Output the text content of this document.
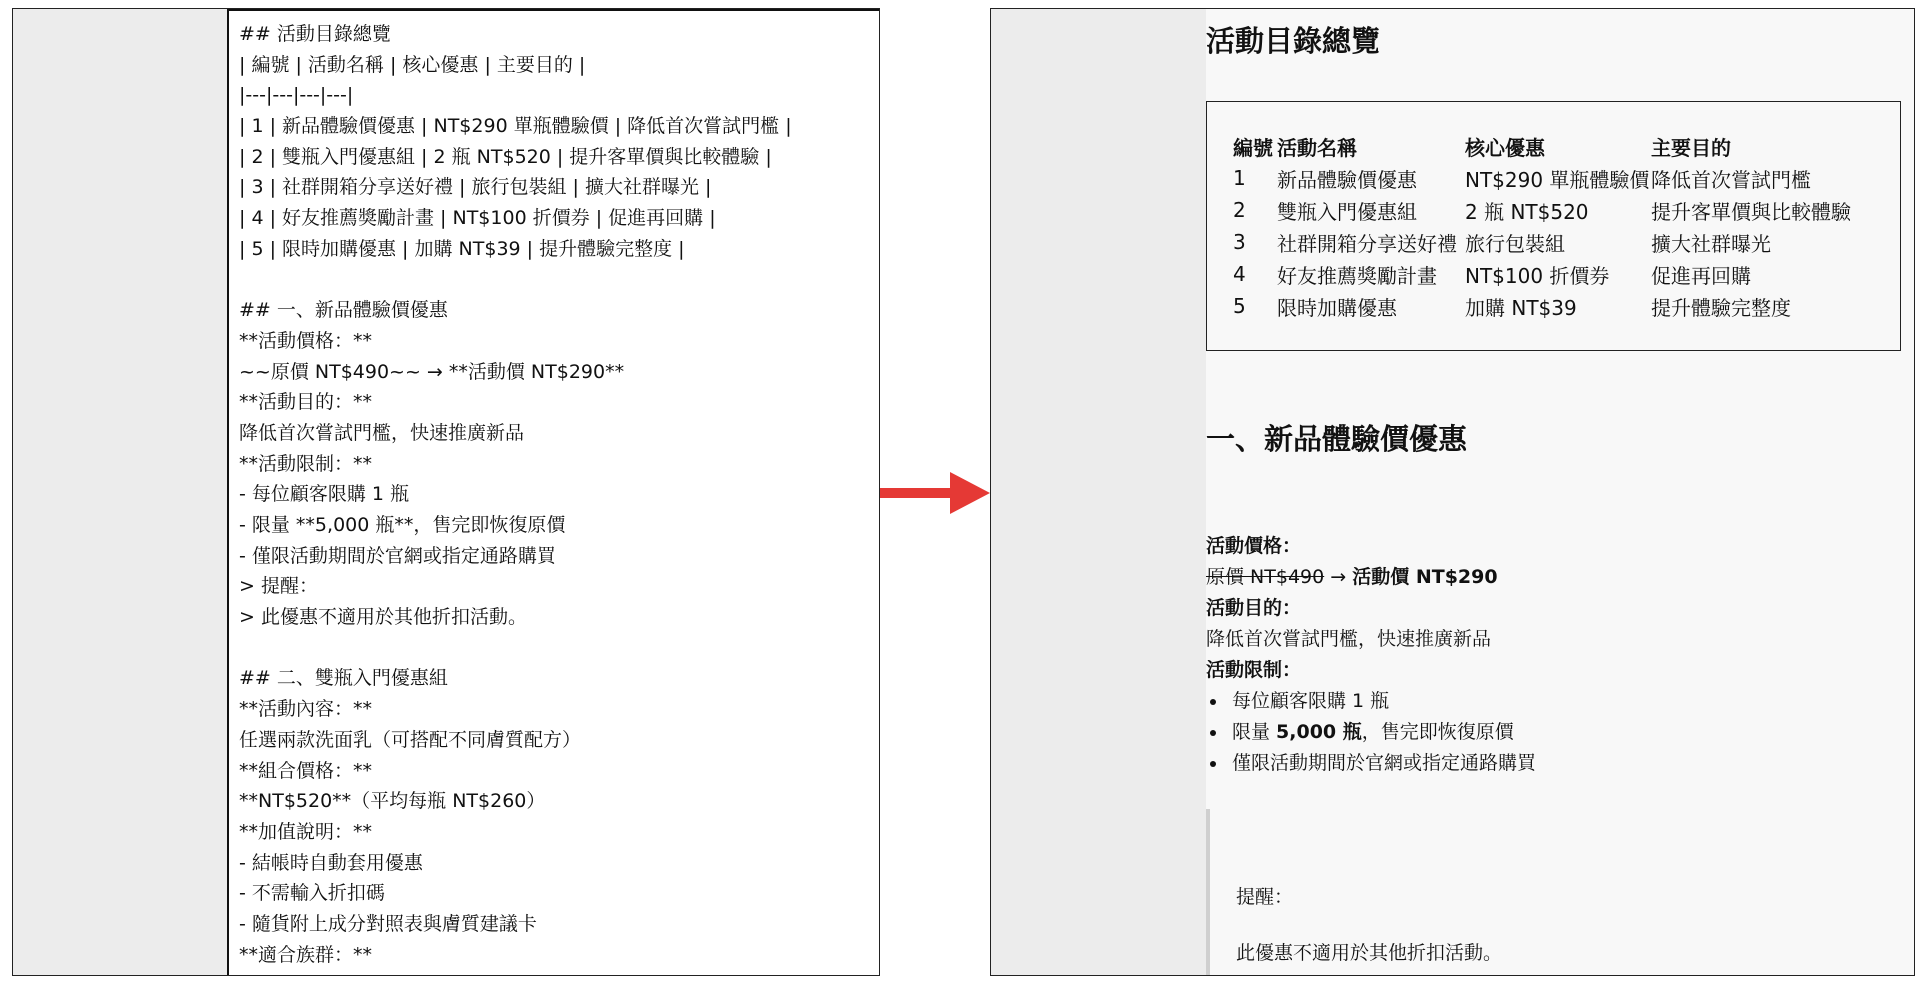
## 活動目錄總覽
| 編號 | 活動名稱 | 核心優惠 | 主要目的 |
|---|---|---|---|
| 1 | 新品體驗價優惠 | NT$290 單瓶體驗價 | 降低首次嘗試門檻 |
| 2 | 雙瓶入門優惠組 | 2 瓶 NT$520 | 提升客單價與比較體驗 |
| 3 | 社群開箱分享送好禮 | 旅行包裝組 | 擴大社群曝光 |
| 4 | 好友推薦獎勵計畫 | NT$100 折價券 | 促進再回購 |
| 5 | 限時加購優惠 | 加購 NT$39 | 提升體驗完整度 |
## 一、新品體驗價優惠
**活動價格：**
~~原價 NT$490~~ → **活動價 NT$290**
**活動目的：**
降低首次嘗試門檻，快速推廣新品
**活動限制：**
- 每位顧客限購 1 瓶
- 限量 **5,000 瓶**，售完即恢復原價
- 僅限活動期間於官網或指定通路購買
> 提醒：
> 此優惠不適用於其他折扣活動。
## 二、雙瓶入門優惠組
**活動內容：**
任選兩款洗面乳（可搭配不同膚質配方）
**組合價格：**
**NT$520**（平均每瓶 NT$260）
**加值說明：**
- 結帳時自動套用優惠
- 不需輸入折扣碼
- 隨貨附上成分對照表與膚質建議卡
**適合族群：**
活動目錄總覽
編號	活動名稱	核心優惠	主要目的
1	新品體驗價優惠	NT$290 單瓶體驗價	降低首次嘗試門檻
2	雙瓶入門優惠組	2 瓶 NT$520	提升客單價與比較體驗
3	社群開箱分享送好禮	旅行包裝組	擴大社群曝光
4	好友推薦獎勵計畫	NT$100 折價券	促進再回購
5	限時加購優惠	加購 NT$39	提升體驗完整度
一、新品體驗價優惠
活動價格：
原價 NT$490 → 活動價 NT$290
活動目的：
降低首次嘗試門檻，快速推廣新品
活動限制：
每位顧客限購 1 瓶
限量 5,000 瓶，售完即恢復原價
僅限活動期間於官網或指定通路購買
提醒：
此優惠不適用於其他折扣活動。
